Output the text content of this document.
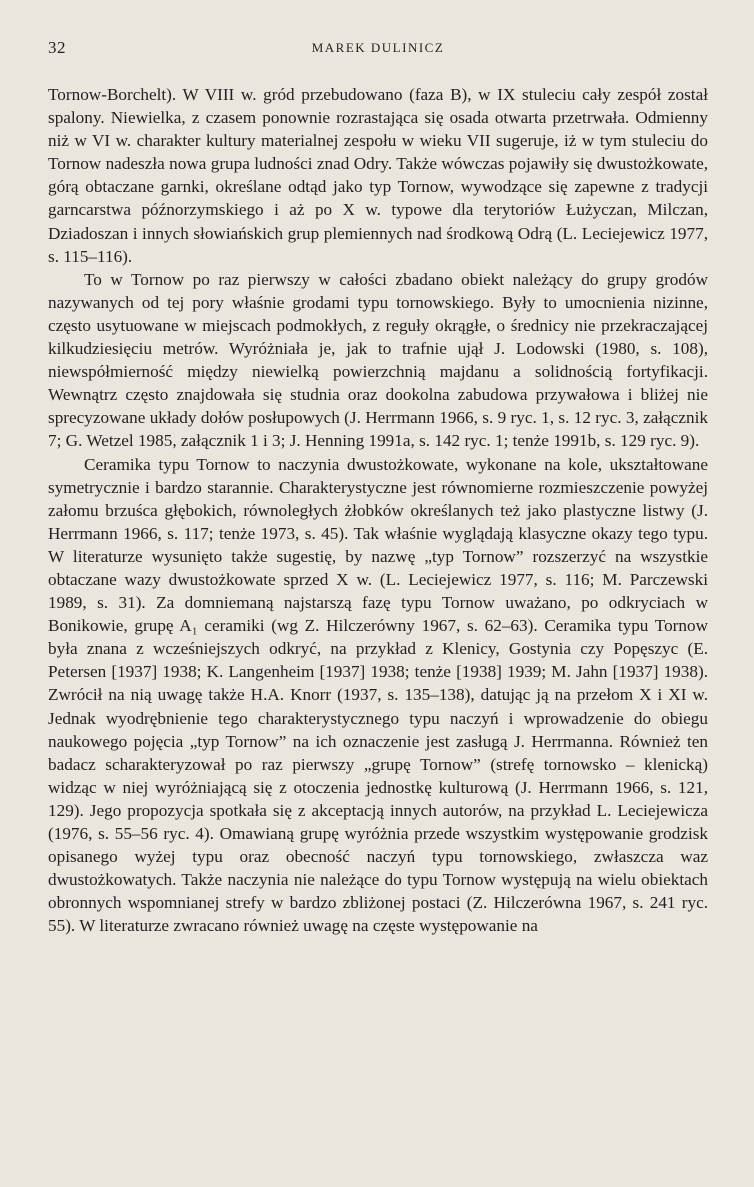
32	MAREK DULINICZ

Tornow-Borchelt). W VIII w. gród przebudowano (faza B), w IX stuleciu cały zespół został spalony. Niewielka, z czasem ponownie rozrastająca się osada otwarta przetrwała. Odmienny niż w VI w. charakter kultury materialnej zespołu w wieku VII sugeruje, iż w tym stuleciu do Tornow nadeszła nowa grupa ludności znad Odry. Także wówczas pojawiły się dwustożkowate, górą obtaczane garnki, określane odtąd jako typ Tornow, wywodzące się zapewne z tradycji garncarstwa późnorzymskiego i aż po X w. typowe dla terytoriów Łużyczan, Milczan, Dziadoszan i innych słowiańskich grup plemiennych nad środkową Odrą (L. Leciejewicz 1977, s. 115–116).

To w Tornow po raz pierwszy w całości zbadano obiekt należący do grupy grodów nazywanych od tej pory właśnie grodami typu tornowskiego. Były to umocnienia nizinne, często usytuowane w miejscach podmokłych, z reguły okrągłe, o średnicy nie przekraczającej kilkudziesięciu metrów. Wyróżniała je, jak to trafnie ujął J. Lodowski (1980, s. 108), niewspółmierność między niewielką powierzchnią majdanu a solidnością fortyfikacji. Wewnątrz często znajdowała się studnia oraz dookolna zabudowa przywałowa i bliżej nie sprecyzowane układy dołów posłupowych (J. Herrmann 1966, s. 9 ryc. 1, s. 12 ryc. 3, załącznik 7; G. Wetzel 1985, załącznik 1 i 3; J. Henning 1991a, s. 142 ryc. 1; tenże 1991b, s. 129 ryc. 9).

Ceramika typu Tornow to naczynia dwustożkowate, wykonane na kole, ukształtowane symetrycznie i bardzo starannie. Charakterystyczne jest równomierne rozmieszczenie powyżej załomu brzuśca głębokich, równoległych żłobków określanych też jako plastyczne listwy (J. Herrmann 1966, s. 117; tenże 1973, s. 45). Tak właśnie wyglądają klasyczne okazy tego typu. W literaturze wysunięto także sugestię, by nazwę „typ Tornow” rozszerzyć na wszystkie obtaczane wazy dwustożkowate sprzed X w. (L. Leciejewicz 1977, s. 116; M. Parczewski 1989, s. 31). Za domniemaną najstarszą fazę typu Tornow uważano, po odkryciach w Bonikowie, grupę A₁ ceramiki (wg Z. Hilczerówny 1967, s. 62–63). Ceramika typu Tornow była znana z wcześniejszych odkryć, na przykład z Klenicy, Gostynia czy Popęszyc (E. Petersen [1937] 1938; K. Langenheim [1937] 1938; tenże [1938] 1939; M. Jahn [1937] 1938). Zwrócił na nią uwagę także H.A. Knorr (1937, s. 135–138), datując ją na przełom X i XI w. Jednak wyodrębnienie tego charakterystycznego typu naczyń i wprowadzenie do obiegu naukowego pojęcia „typ Tornow” na ich oznaczenie jest zasługą J. Herrmanna. Również ten badacz scharakteryzował po raz pierwszy „grupę Tornow” (strefę tornowsko – klenicką) widząc w niej wyróżniającą się z otoczenia jednostkę kulturową (J. Herrmann 1966, s. 121, 129). Jego propozycja spotkała się z akceptacją innych autorów, na przykład L. Leciejewicza (1976, s. 55–56 ryc. 4). Omawianą grupę wyróżnia przede wszystkim występowanie grodzisk opisanego wyżej typu oraz obecność naczyń typu tornowskiego, zwłaszcza waz dwustożkowatych. Także naczynia nie należące do typu Tornow występują na wielu obiektach obronnych wspomnianej strefy w bardzo zbliżonej postaci (Z. Hilczerówna 1967, s. 241 ryc. 55). W literaturze zwracano również uwagę na częste występowanie na
